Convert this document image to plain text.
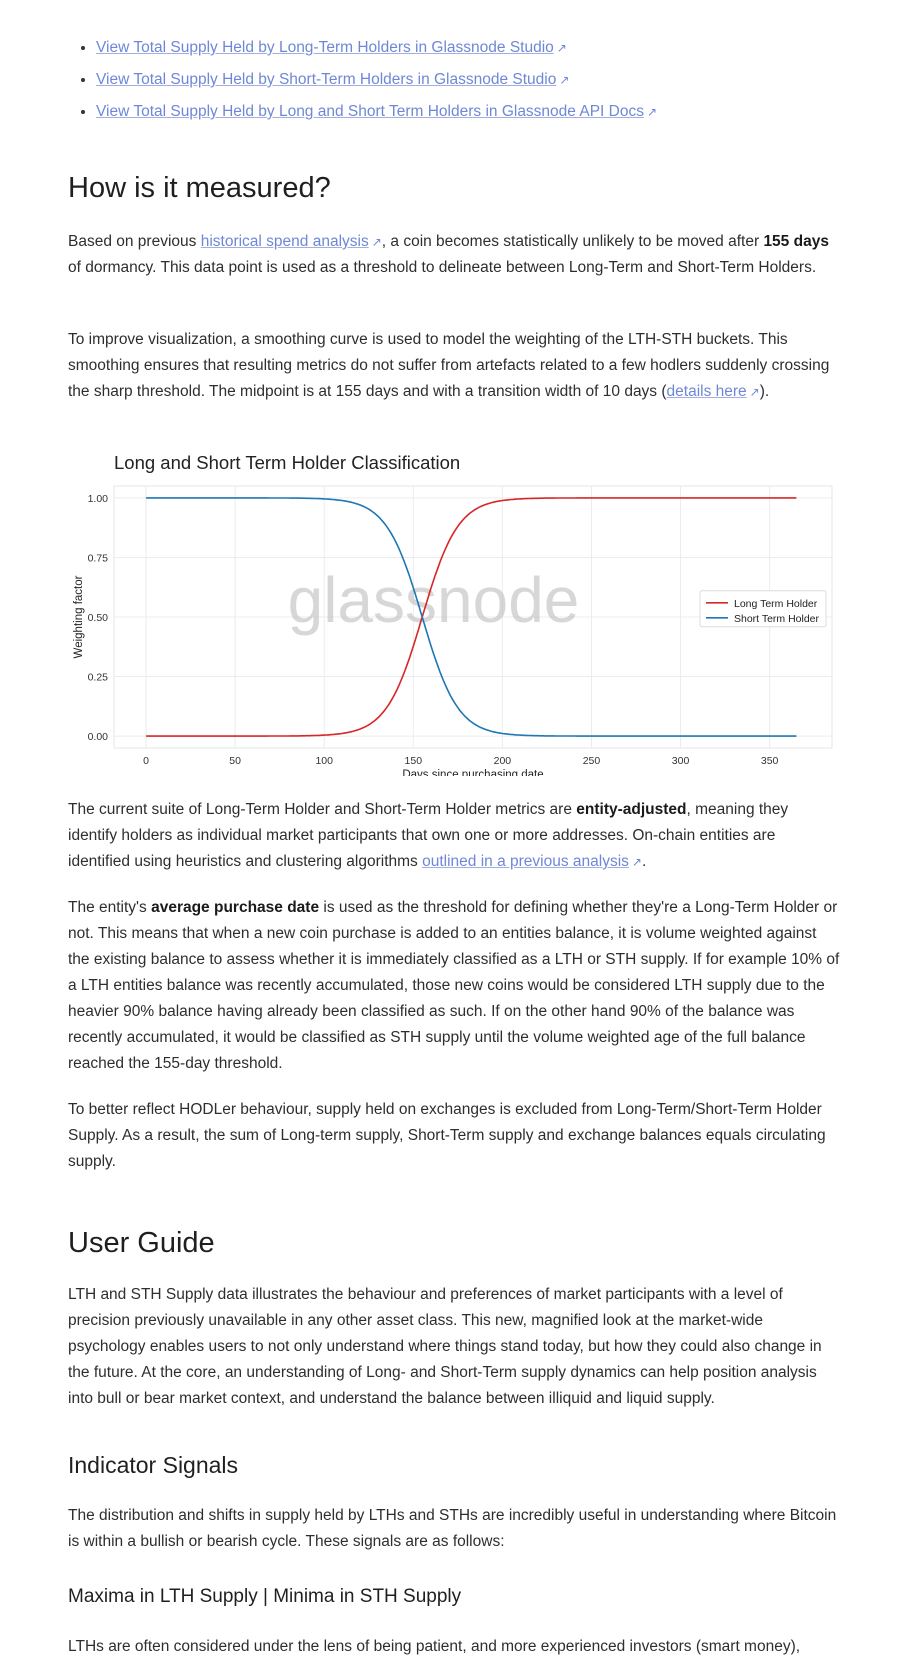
• View Total Supply Held by Long-Term Holders in Glassnode Studio ↗
• View Total Supply Held by Short-Term Holders in Glassnode Studio ↗
• View Total Supply Held by Long and Short Term Holders in Glassnode API Docs ↗
How is it measured?

Based on previous historical spend analysis ↗, a coin becomes statistically unlikely to be moved after 155 days of dormancy. This data point is used as a threshold to delineate between Long-Term and Short-Term Holders.

To improve visualization, a smoothing curve is used to model the weighting of the LTH-STH buckets. This smoothing ensures that resulting metrics do not suffer from artefacts related to a few hodlers suddenly crossing the sharp threshold. The midpoint is at 155 days and with a transition width of 10 days (details here ↗).

Long and Short Term Holder Classification
0.00
0.25
0.50
0.75
1.00
0	50	100	150	200	250	300	350
glassnode
Days since purchasing date
Weighting factor	Long Term Holder
Short Term Holder

The current suite of Long-Term Holder and Short-Term Holder metrics are entity-adjusted, meaning they identify holders as individual market participants that own one or more addresses. On-chain entities are identified using heuristics and clustering algorithms outlined in a previous analysis ↗.

The entity's average purchase date is used as the threshold for defining whether they're a Long-Term Holder or not. This means that when a new coin purchase is added to an entities balance, it is volume weighted against the existing balance to assess whether it is immediately classified as a LTH or STH supply. If for example 10% of a LTH entities balance was recently accumulated, those new coins would be considered LTH supply due to the heavier 90% balance having already been classified as such. If on the other hand 90% of the balance was recently accumulated, it would be classified as STH supply until the volume weighted age of the full balance reached the 155-day threshold.

To better reflect HODLer behaviour, supply held on exchanges is excluded from Long-Term/Short-Term Holder Supply. As a result, the sum of Long-term supply, Short-Term supply and exchange balances equals circulating supply.

User Guide

LTH and STH Supply data illustrates the behaviour and preferences of market participants with a level of precision previously unavailable in any other asset class. This new, magnified look at the market-wide psychology enables users to not only understand where things stand today, but how they could also change in the future. At the core, an understanding of Long- and Short-Term supply dynamics can help position analysis into bull or bear market context, and understand the balance between illiquid and liquid supply.

Indicator Signals

The distribution and shifts in supply held by LTHs and STHs are incredibly useful in understanding where Bitcoin is within a bullish or bearish cycle. These signals are as follows:

Maxima in LTH Supply | Minima in STH Supply

LTHs are often considered under the lens of being patient, and more experienced investors (smart money),
